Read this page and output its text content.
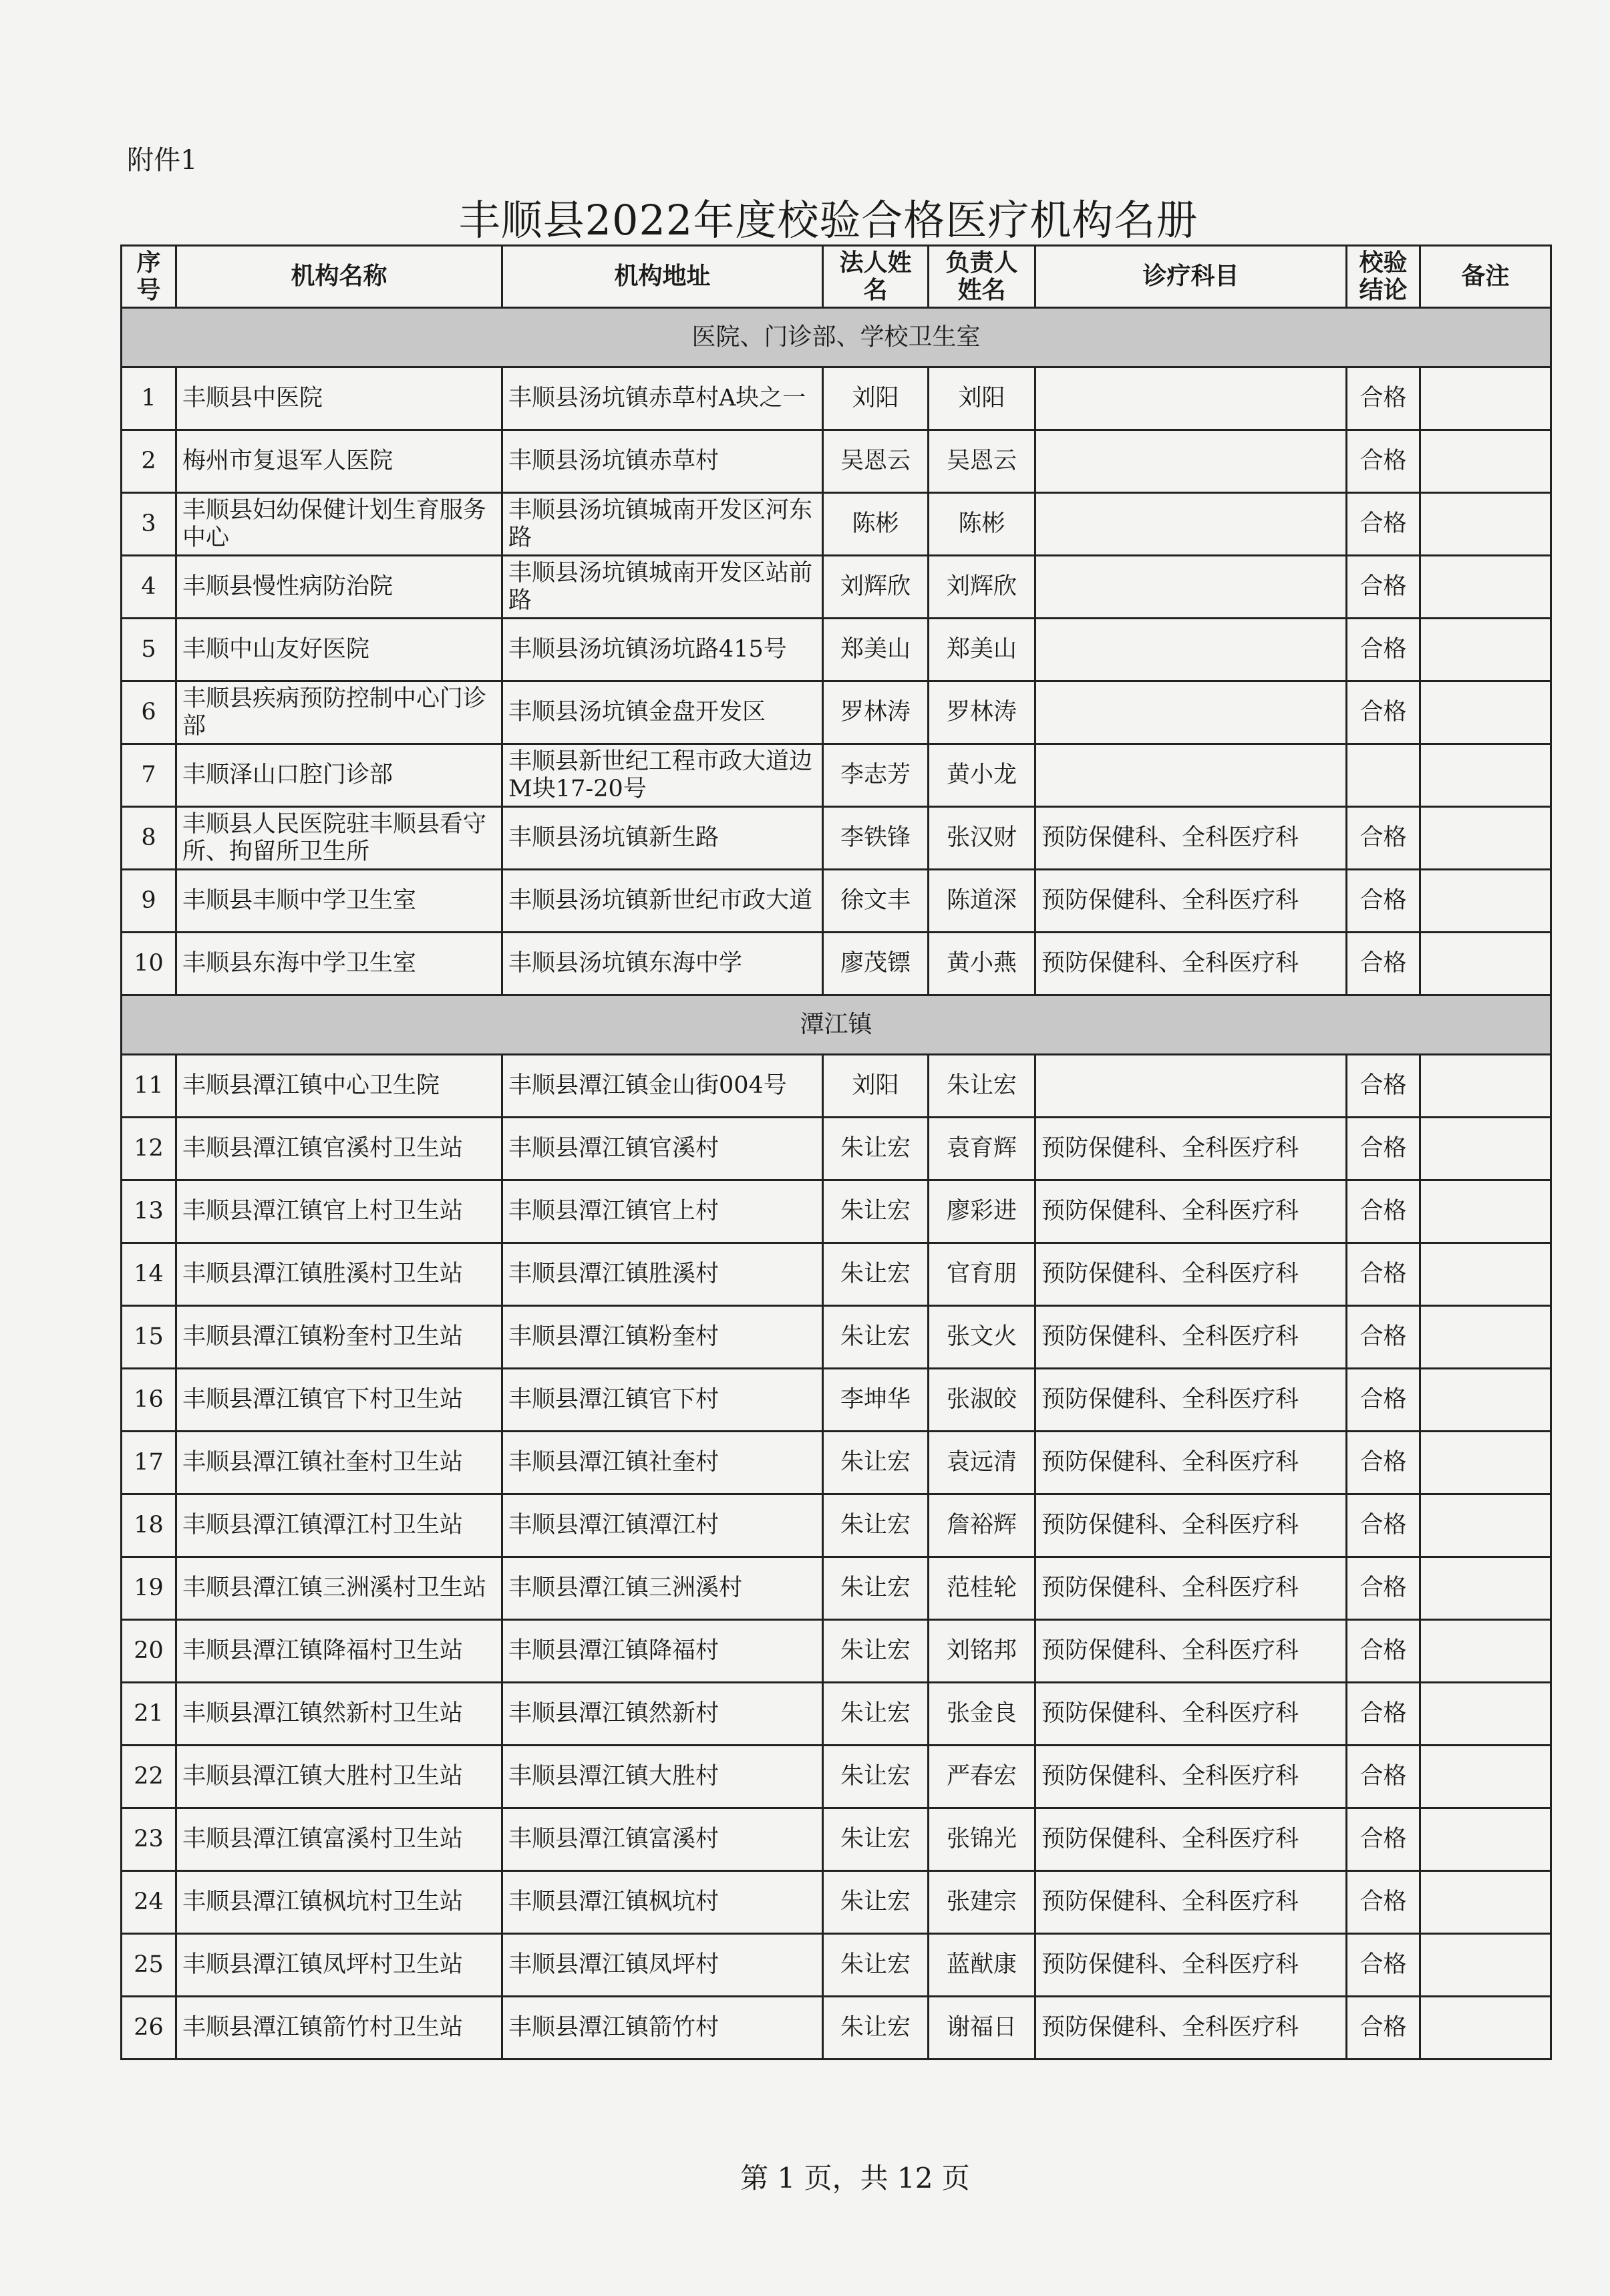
附件1
丰顺县2022年度校验合格医疗机构名册
序号	机构名称	机构地址	法人姓名	负责人姓名	诊疗科目	校验结论	备注
医院、门诊部、学校卫生室							
1	丰顺县中医院	丰顺县汤坑镇赤草村A块之一	刘阳	刘阳		合格	
2	梅州市复退军人医院	丰顺县汤坑镇赤草村	吴恩云	吴恩云		合格	
3	丰顺县妇幼保健计划生育服务中心	丰顺县汤坑镇城南开发区河东路	陈彬	陈彬		合格	
4	丰顺县慢性病防治院	丰顺县汤坑镇城南开发区站前路	刘辉欣	刘辉欣		合格	
5	丰顺中山友好医院	丰顺县汤坑镇汤坑路415号	郑美山	郑美山		合格	
6	丰顺县疾病预防控制中心门诊部	丰顺县汤坑镇金盘开发区	罗林涛	罗林涛		合格	
7	丰顺泽山口腔门诊部	丰顺县新世纪工程市政大道边M块17-20号	李志芳	黄小龙			
8	丰顺县人民医院驻丰顺县看守所、拘留所卫生所	丰顺县汤坑镇新生路	李铁锋	张汉财	预防保健科、全科医疗科	合格	
9	丰顺县丰顺中学卫生室	丰顺县汤坑镇新世纪市政大道	徐文丰	陈道深	预防保健科、全科医疗科	合格	
10	丰顺县东海中学卫生室	丰顺县汤坑镇东海中学	廖茂镖	黄小燕	预防保健科、全科医疗科	合格	
潭江镇							
11	丰顺县潭江镇中心卫生院	丰顺县潭江镇金山街004号	刘阳	朱让宏		合格	
12	丰顺县潭江镇官溪村卫生站	丰顺县潭江镇官溪村	朱让宏	袁育辉	预防保健科、全科医疗科	合格	
13	丰顺县潭江镇官上村卫生站	丰顺县潭江镇官上村	朱让宏	廖彩进	预防保健科、全科医疗科	合格	
14	丰顺县潭江镇胜溪村卫生站	丰顺县潭江镇胜溪村	朱让宏	官育朋	预防保健科、全科医疗科	合格	
15	丰顺县潭江镇粉奎村卫生站	丰顺县潭江镇粉奎村	朱让宏	张文火	预防保健科、全科医疗科	合格	
16	丰顺县潭江镇官下村卫生站	丰顺县潭江镇官下村	李坤华	张淑皎	预防保健科、全科医疗科	合格	
17	丰顺县潭江镇社奎村卫生站	丰顺县潭江镇社奎村	朱让宏	袁远清	预防保健科、全科医疗科	合格	
18	丰顺县潭江镇潭江村卫生站	丰顺县潭江镇潭江村	朱让宏	詹裕辉	预防保健科、全科医疗科	合格	
19	丰顺县潭江镇三洲溪村卫生站	丰顺县潭江镇三洲溪村	朱让宏	范桂轮	预防保健科、全科医疗科	合格	
20	丰顺县潭江镇降福村卫生站	丰顺县潭江镇降福村	朱让宏	刘铭邦	预防保健科、全科医疗科	合格	
21	丰顺县潭江镇然新村卫生站	丰顺县潭江镇然新村	朱让宏	张金良	预防保健科、全科医疗科	合格	
22	丰顺县潭江镇大胜村卫生站	丰顺县潭江镇大胜村	朱让宏	严春宏	预防保健科、全科医疗科	合格	
23	丰顺县潭江镇富溪村卫生站	丰顺县潭江镇富溪村	朱让宏	张锦光	预防保健科、全科医疗科	合格	
24	丰顺县潭江镇枫坑村卫生站	丰顺县潭江镇枫坑村	朱让宏	张建宗	预防保健科、全科医疗科	合格	
25	丰顺县潭江镇凤坪村卫生站	丰顺县潭江镇凤坪村	朱让宏	蓝猷康	预防保健科、全科医疗科	合格	
26	丰顺县潭江镇箭竹村卫生站	丰顺县潭江镇箭竹村	朱让宏	谢福日	预防保健科、全科医疗科	合格	
第 1 页，共 12 页
